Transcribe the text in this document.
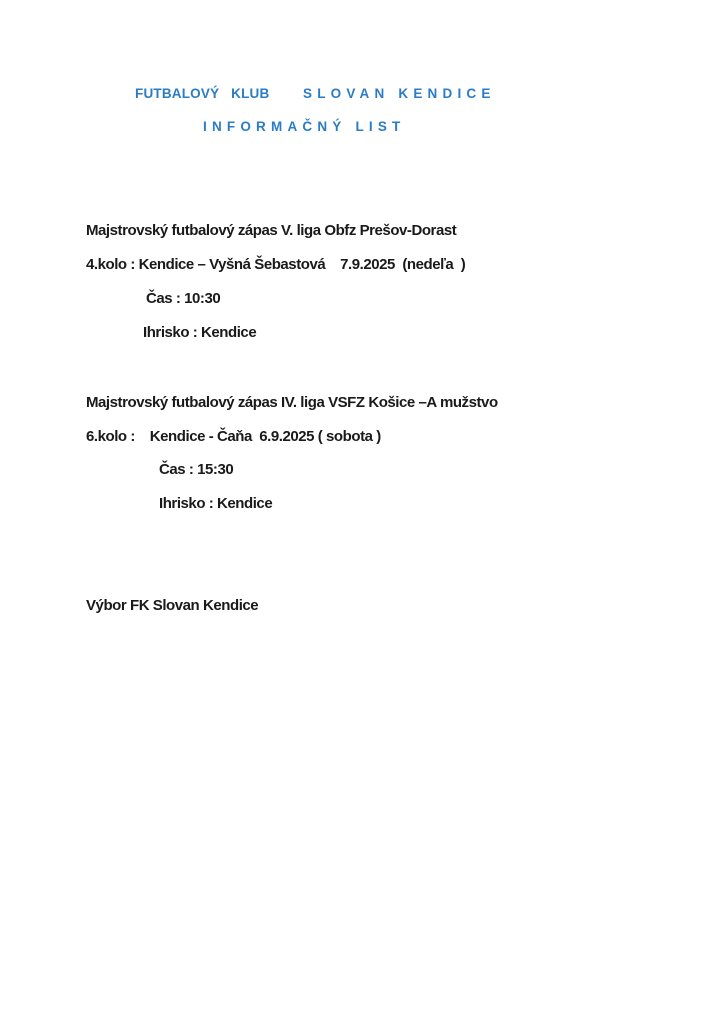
FUTBALOVÝ   KLUB SLOVAN KENDICE
INFORMAČNÝ LIST
Majstrovský futbalový zápas V. liga Obfz Prešov-Dorast
4.kolo : Kendice – Vyšná Šebastová    7.9.2025  (nedeľa  )
Čas : 10:30
Ihrisko : Kendice
Majstrovský futbalový zápas IV. liga VSFZ Košice –A mužstvo
6.kolo :    Kendice - Čaňa  6.9.2025 ( sobota )
Čas : 15:30
Ihrisko : Kendice
Výbor FK Slovan Kendice
